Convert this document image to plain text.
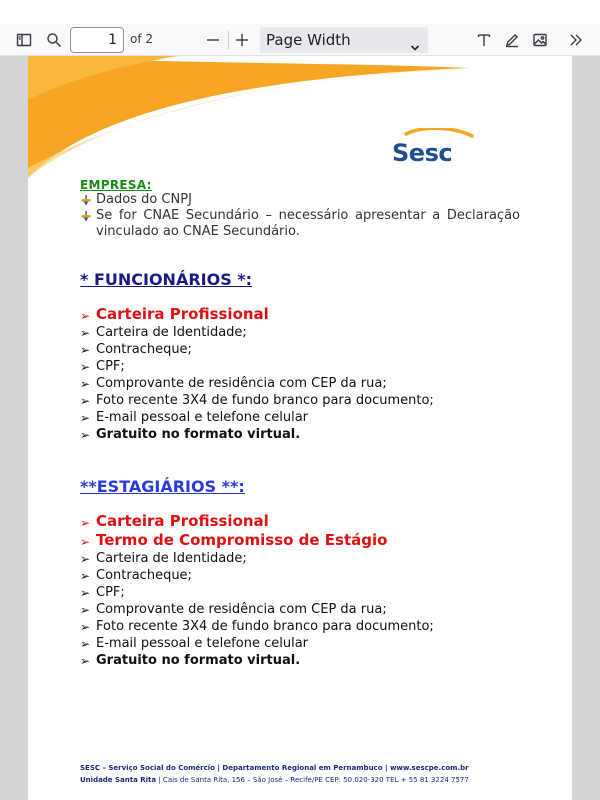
1
of 2	Page Width
Sesc
EMPRESA:
Dados do CNPJ
Se for CNAE Secundário – necessário apresentar a Declaração vinculado ao CNAE Secundário.
* FUNCIONÁRIOS *:
➢ Carteira Profissional
➢ Carteira de Identidade;
➢ Contracheque;
➢ CPF;
➢ Comprovante de residência com CEP da rua;
➢ Foto recente 3X4 de fundo branco para documento;
➢ E-mail pessoal e telefone celular
➢ Gratuito no formato virtual.
**ESTAGIÁRIOS **:
➢ Carteira Profissional
➢ Termo de Compromisso de Estágio
➢ Carteira de Identidade;
➢ Contracheque;
➢ CPF;
➢ Comprovante de residência com CEP da rua;
➢ Foto recente 3X4 de fundo branco para documento;
➢ E-mail pessoal e telefone celular
➢ Gratuito no formato virtual.
SESC – Serviço Social do Comércio | Departamento Regional em Pernambuco | www.sescpe.com.br
Unidade Santa Rita | Cais de Santa Rita, 156 – São José – Recife/PE CEP: 50.020-320 TEL + 55 81 3224 7577
